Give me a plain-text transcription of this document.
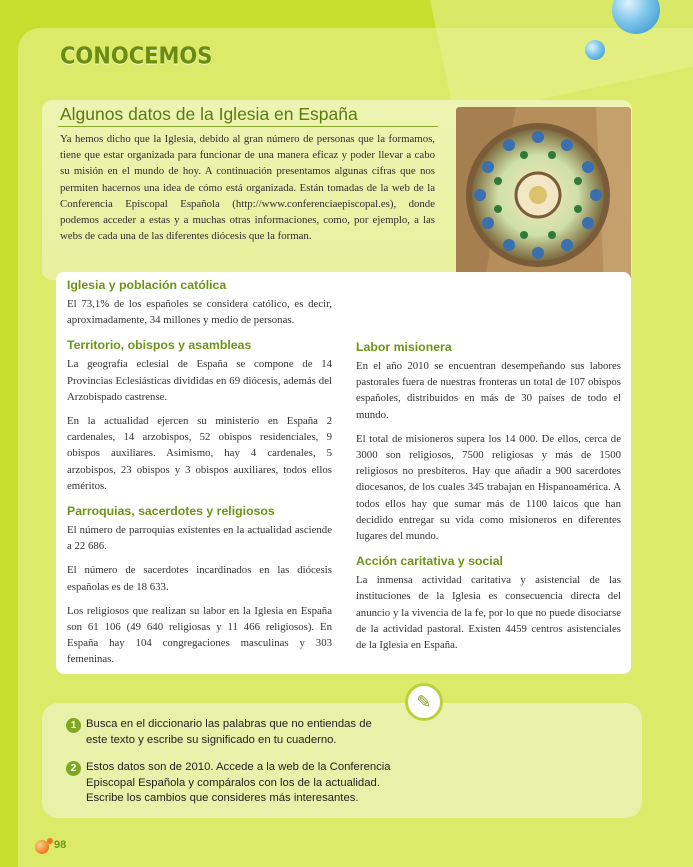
CONOCEMOS
Algunos datos de la Iglesia en España
Ya hemos dicho que la Iglesia, debido al gran número de personas que la formamos, tiene que estar organizada para funcionar de una manera eficaz y poder llevar a cabo su misión en el mundo de hoy. A continuación presentamos algunas cifras que nos permiten hacernos una idea de cómo está organizada. Están tomadas de la web de la Conferencia Episcopal Española (http://www.conferenciaepiscopal.es), donde podemos acceder a estas y a muchas otras informaciones, como, por ejemplo, a las webs de cada una de las diferentes diócesis que la forman.
Iglesia y población católica
El 73,1% de los españoles se considera católico, es decir, aproximadamente, 34 millones y medio de personas.
Territorio, obispos y asambleas
La geografía eclesial de España se compone de 14 Provincias Eclesiásticas divididas en 69 diócesis, además del Arzobispado castrense.
En la actualidad ejercen su ministerio en España 2 cardenales, 14 arzobispos, 52 obispos residenciales, 9 obispos auxiliares. Asimismo, hay 4 cardenales, 5 arzobispos, 23 obispos y 3 obispos auxiliares, todos ellos eméritos.
Parroquias, sacerdotes y religiosos
El número de parroquias existentes en la actualidad asciende a 22 686.
El número de sacerdotes incardinados en las diócesis españolas es de 18 633.
Los religiosos que realizan su labor en la Iglesia en España son 61 106 (49 640 religiosas y 11 466 religiosos). En España hay 104 congregaciones masculinas y 303 femeninas.
Labor misionera
En el año 2010 se encuentran desempeñando sus labores pastorales fuera de nuestras fronteras un total de 107 obispos españoles, distribuidos en más de 30 países de todo el mundo.
El total de misioneros supera los 14 000. De ellos, cerca de 3000 son religiosos, 7500 religiosas y más de 1500 religiosos no presbíteros. Hay que añadir a 900 sacerdotes diocesanos, de los cuales 345 trabajan en Hispanoamérica. A todos ellos hay que sumar más de 1100 laicos que han decidido entregar su vida como misioneros en diferentes lugares del mundo.
Acción caritativa y social
La inmensa actividad caritativa y asistencial de las instituciones de la Iglesia es consecuencia directa del anuncio y la vivencia de la fe, por lo que no puede disociarse de la actividad pastoral. Existen 4459 centros asistenciales de la Iglesia en España.
✎
1 Busca en el diccionario las palabras que no entiendas de este texto y escribe su significado en tu cuaderno.
2 Estos datos son de 2010. Accede a la web de la Conferencia Episcopal Española y compáralos con los de la actualidad. Escribe los cambios que consideres más interesantes.
98
